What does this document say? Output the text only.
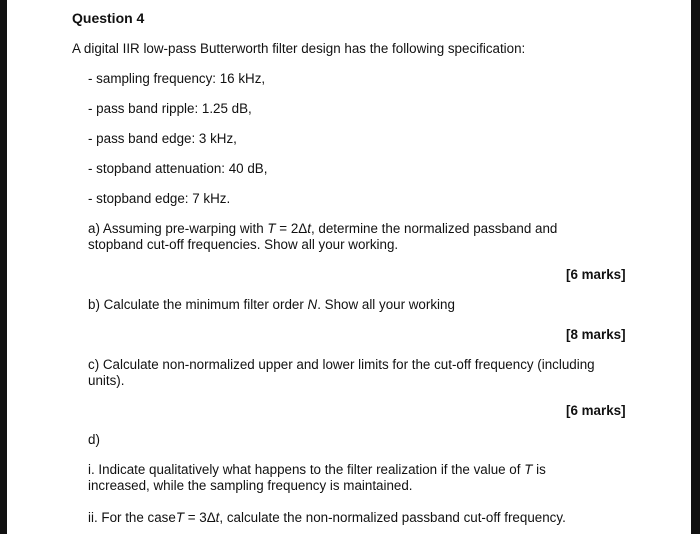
Question 4
A digital IIR low-pass Butterworth filter design has the following specification:
- sampling frequency: 16 kHz,
- pass band ripple: 1.25 dB,
- pass band edge: 3 kHz,
- stopband attenuation: 40 dB,
- stopband edge: 7 kHz.
a) Assuming pre-warping with T = 2Δt, determine the normalized passband and
stopband cut-off frequencies. Show all your working.
[6 marks]
b) Calculate the minimum filter order N. Show all your working
[8 marks]
c) Calculate non-normalized upper and lower limits for the cut-off frequency (including
units).
[6 marks]
d)
i. Indicate qualitatively what happens to the filter realization if the value of T is
increased, while the sampling frequency is maintained.
ii. For the caseT = 3Δt, calculate the non-normalized passband cut-off frequency.
